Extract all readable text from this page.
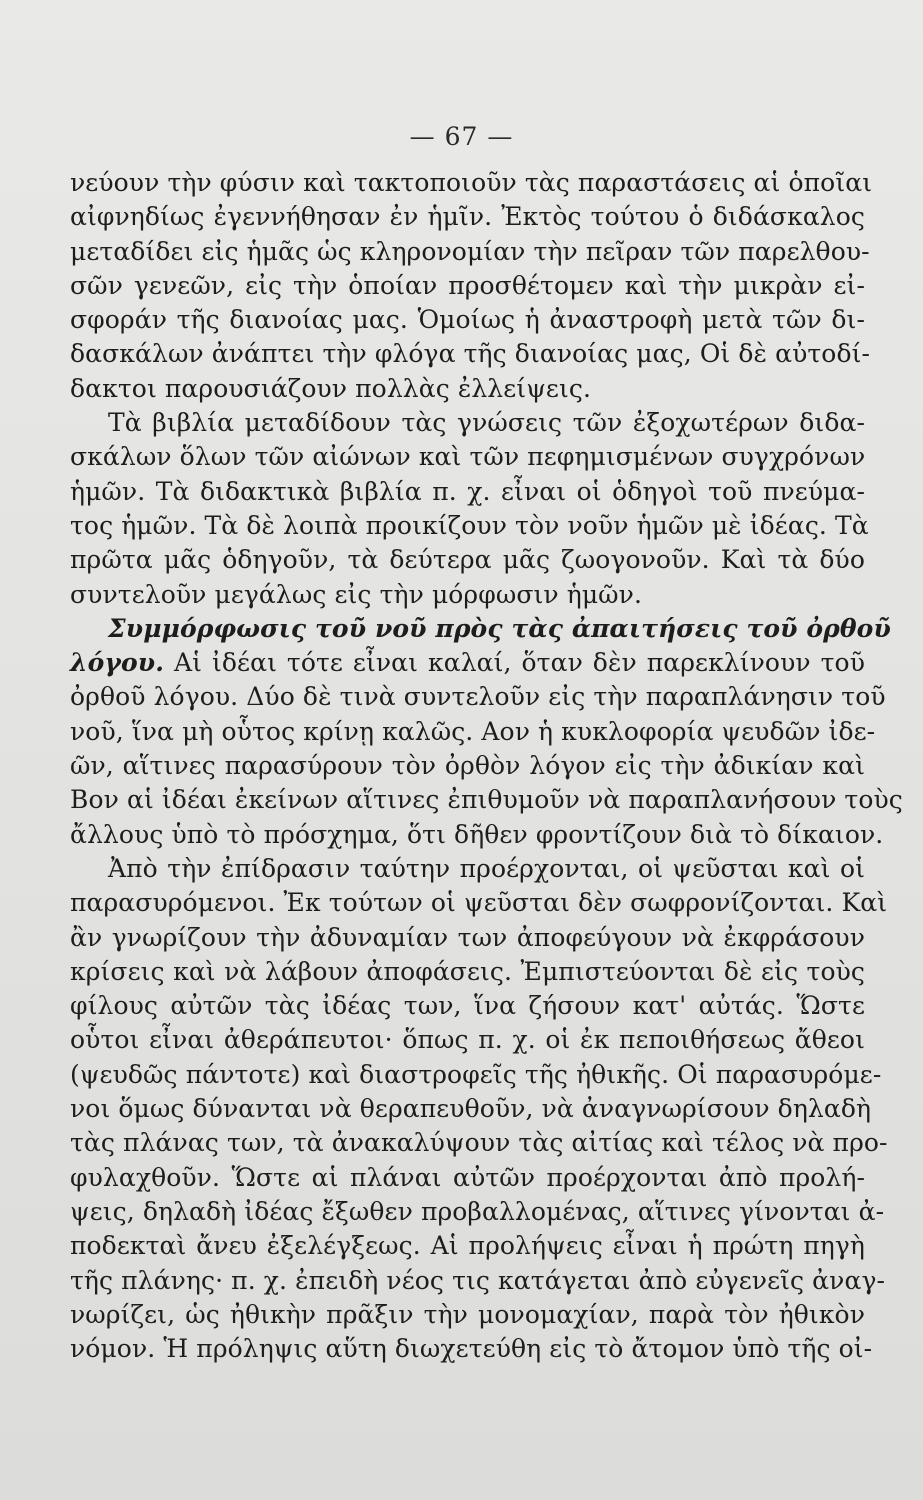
— 67 —
νεύουν τὴν φύσιν καὶ τακτοποιοῦν τὰς παραστάσεις αἱ ὁποῖαι
αἰφνηδίως ἐγεννήθησαν ἐν ἡμῖν. Ἐκτὸς τούτου ὁ διδάσκαλος
μεταδίδει εἰς ἡμᾶς ὡς κληρονομίαν τὴν πεῖραν τῶν παρελθου-
σῶν γενεῶν, εἰς τὴν ὁποίαν προσθέτομεν καὶ τὴν μικρὰν εἰ-
σφοράν τῆς διανοίας μας. Ὁμοίως ἡ ἀναστροφὴ μετὰ τῶν δι-
δασκάλων ἀνάπτει τὴν φλόγα τῆς διανοίας μας, Οἱ δὲ αὐτοδί-
δακτοι παρουσιάζουν πολλὰς ἐλλείψεις.
Τὰ βιβλία μεταδίδουν τὰς γνώσεις τῶν ἐξοχωτέρων διδα-
σκάλων ὅλων τῶν αἰώνων καὶ τῶν πεφημισμένων συγχρόνων
ἡμῶν. Τὰ διδακτικὰ βιβλία π. χ. εἶναι οἱ ὁδηγοὶ τοῦ πνεύμα-
τος ἡμῶν. Τὰ δὲ λοιπὰ προικίζουν τὸν νοῦν ἡμῶν μὲ ἰδέας. Τὰ
πρῶτα μᾶς ὁδηγοῦν, τὰ δεύτερα μᾶς ζωογονοῦν. Καὶ τὰ δύο
συντελοῦν μεγάλως εἰς τὴν μόρφωσιν ἡμῶν.
Συμμόρφωσις τοῦ νοῦ πρὸς τὰς ἀπαιτήσεις τοῦ ὀρθοῦ
λόγου. Αἱ ἰδέαι τότε εἶναι καλαί, ὅταν δὲν παρεκλίνουν τοῦ
ὀρθοῦ λόγου. Δύο δὲ τινὰ συντελοῦν εἰς τὴν παραπλάνησιν τοῦ
νοῦ, ἵνα μὴ οὗτος κρίνῃ καλῶς. Αον ἡ κυκλοφορία ψευδῶν ἰδε-
ῶν, αἵτινες παρασύρουν τὸν ὀρθὸν λόγον εἰς τὴν ἀδικίαν καὶ
Βον αἱ ἰδέαι ἐκείνων αἵτινες ἐπιθυμοῦν νὰ παραπλανήσουν τοὺς
ἄλλους ὑπὸ τὸ πρόσχημα, ὅτι δῆθεν φροντίζουν διὰ τὸ δίκαιον.
Ἀπὸ τὴν ἐπίδρασιν ταύτην προέρχονται, οἱ ψεῦσται καὶ οἱ
παρασυρόμενοι. Ἐκ τούτων οἱ ψεῦσται δὲν σωφρονίζονται. Καὶ
ἂν γνωρίζουν τὴν ἀδυναμίαν των ἀποφεύγουν νὰ ἐκφράσουν
κρίσεις καὶ νὰ λάβουν ἀποφάσεις. Ἐμπιστεύονται δὲ εἰς τοὺς
φίλους αὐτῶν τὰς ἰδέας των, ἵνα ζήσουν κατ' αὐτάς. Ὥστε
οὗτοι εἶναι ἀθεράπευτοι· ὅπως π. χ. οἱ ἐκ πεποιθήσεως ἄθεοι
(ψευδῶς πάντοτε) καὶ διαστροφεῖς τῆς ἠθικῆς. Οἱ παρασυρόμε-
νοι ὅμως δύνανται νὰ θεραπευθοῦν, νὰ ἀναγνωρίσουν δηλαδὴ
τὰς πλάνας των, τὰ ἀνακαλύψουν τὰς αἰτίας καὶ τέλος νὰ προ-
φυλαχθοῦν. Ὥστε αἱ πλάναι αὐτῶν προέρχονται ἀπὸ προλή-
ψεις, δηλαδὴ ἰδέας ἔξωθεν προβαλλομένας, αἵτινες γίνονται ἀ-
ποδεκταὶ ἄνευ ἐξελέγξεως. Αἱ προλήψεις εἶναι ἡ πρώτη πηγὴ
τῆς πλάνης· π. χ. ἐπειδὴ νέος τις κατάγεται ἀπὸ εὐγενεῖς ἀναγ-
νωρίζει, ὡς ἠθικὴν πρᾶξιν τὴν μονομαχίαν, παρὰ τὸν ἠθικὸν
νόμον. Ἡ πρόληψις αὕτη διωχετεύθη εἰς τὸ ἄτομον ὑπὸ τῆς οἰ-
